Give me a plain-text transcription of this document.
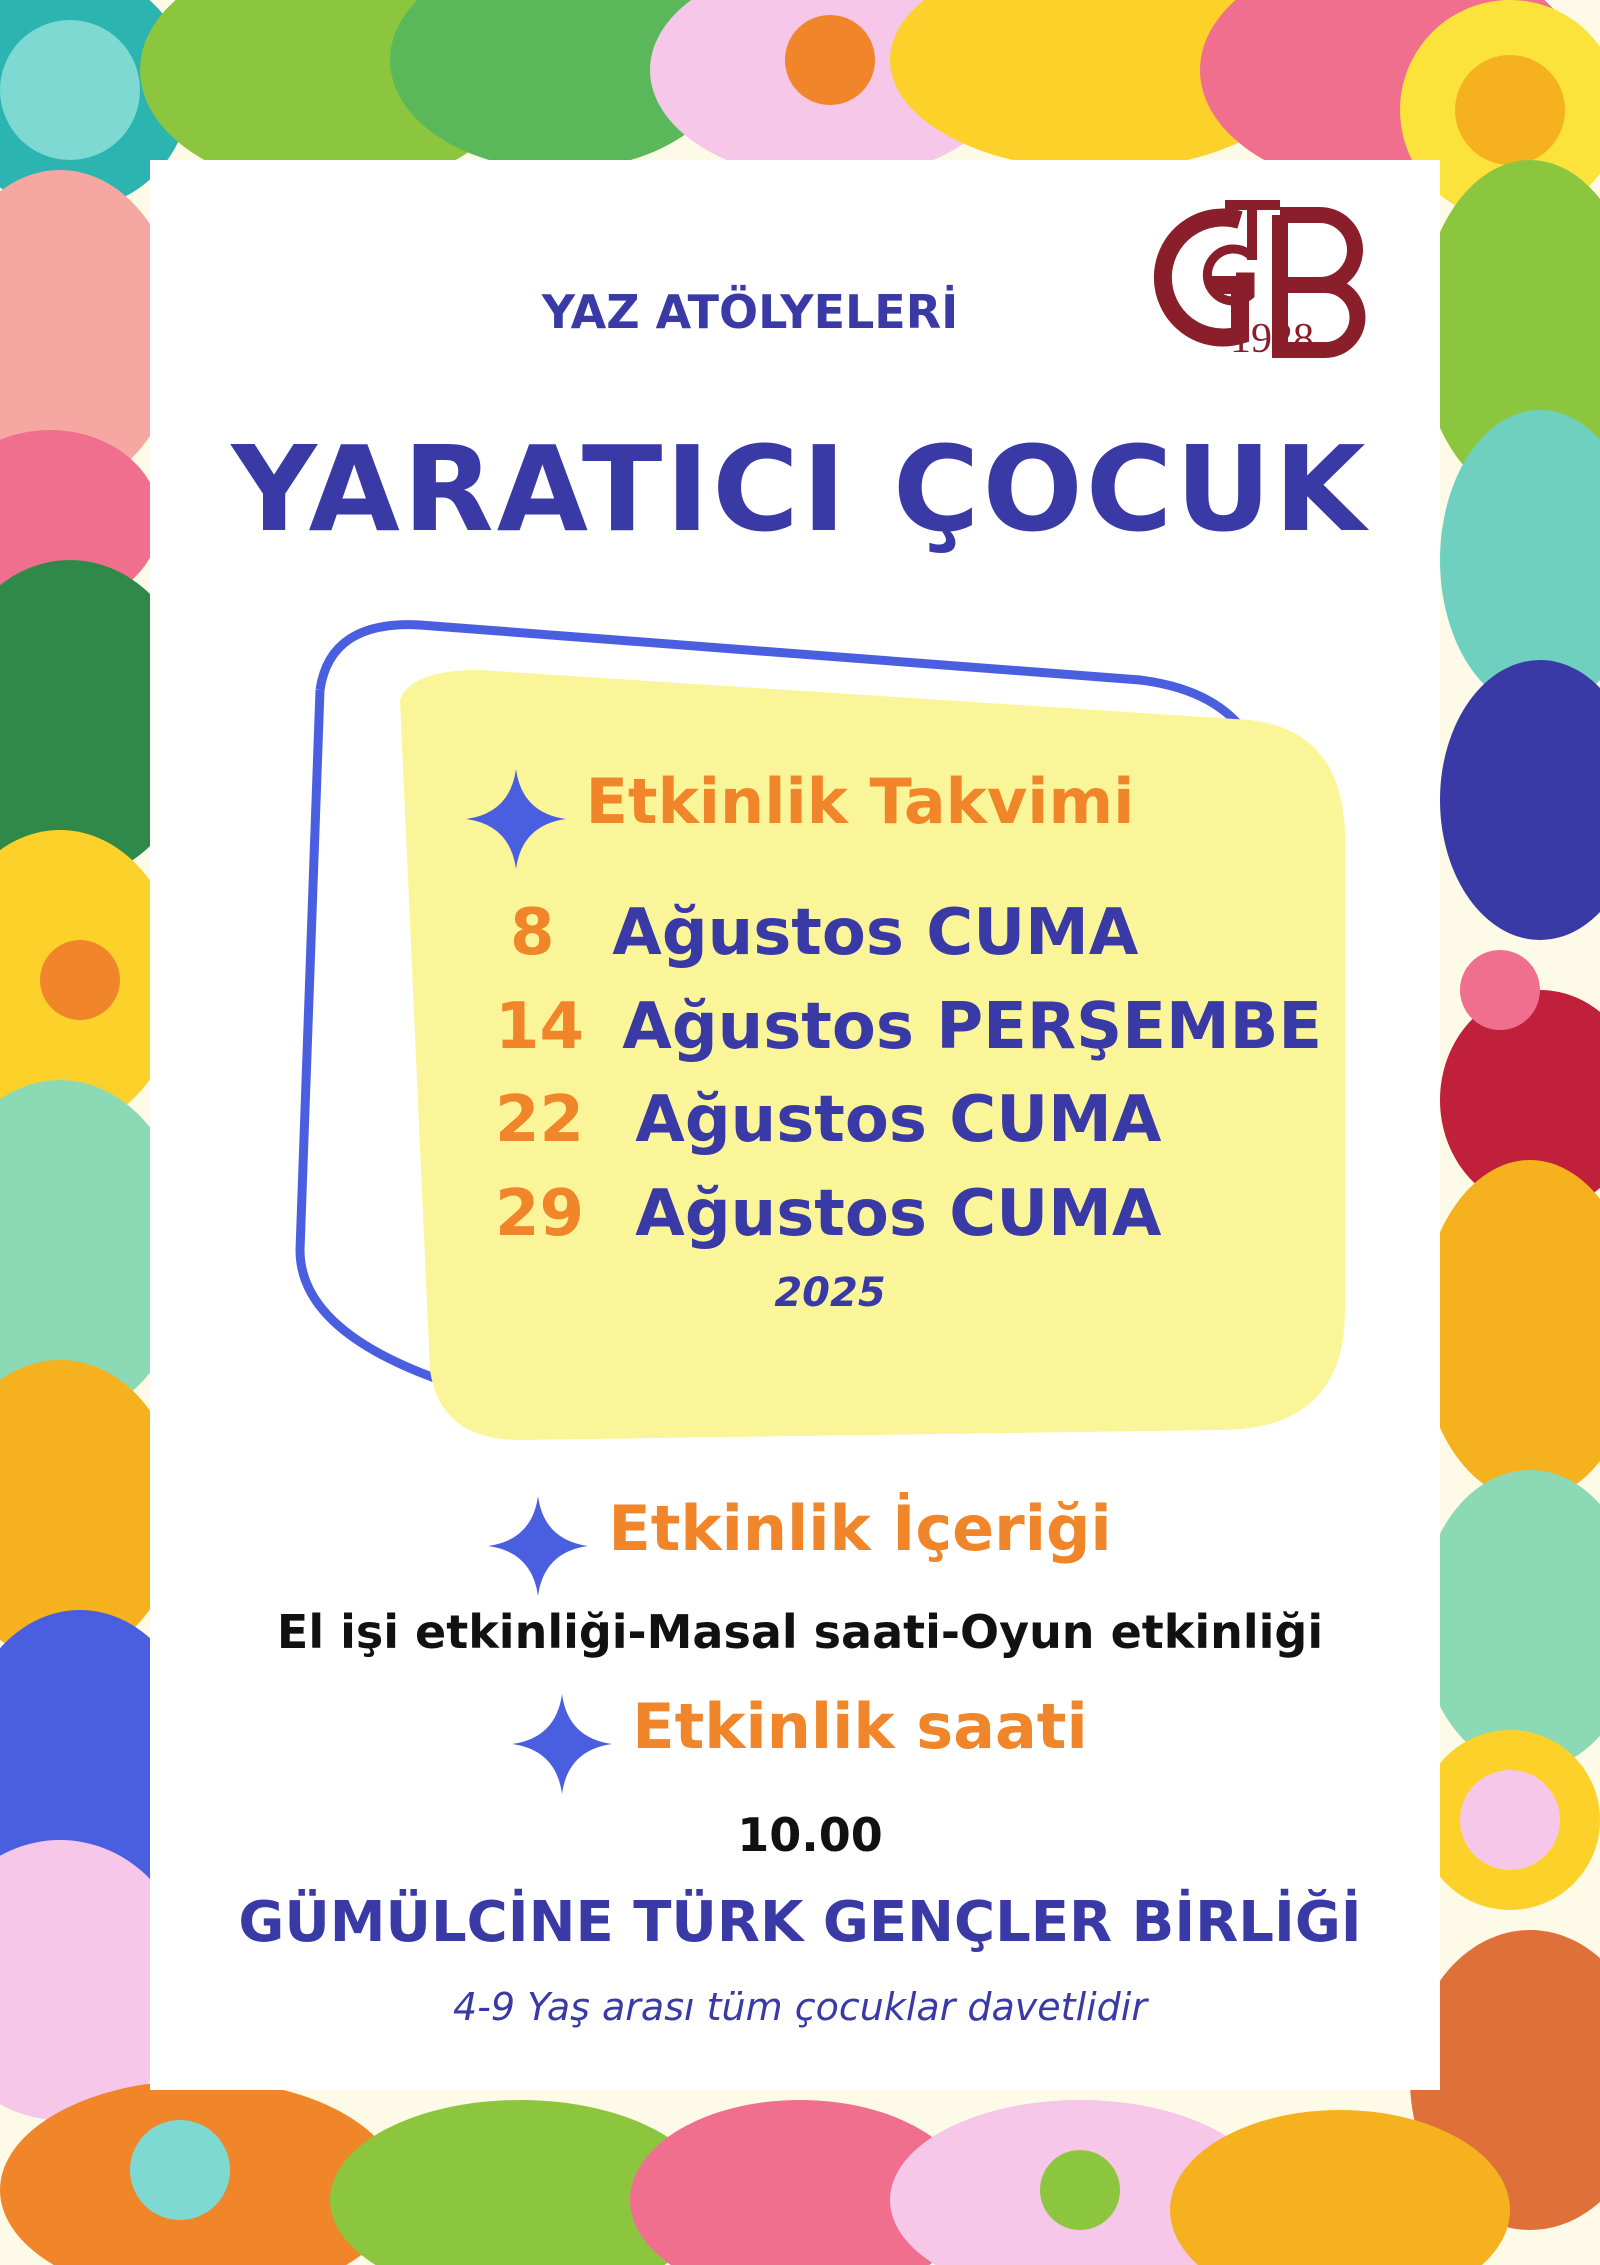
1928
YAZ ATÖLYELERİ
YARATICI ÇOCUK
Etkinlik Takvimi
8 Ağustos CUMA
14 Ağustos PERŞEMBE
22 Ağustos CUMA
29 Ağustos CUMA
2025
Etkinlik İçeriği
El işi etkinliği-Masal saati-Oyun etkinliği
Etkinlik saati
10.00
GÜMÜLCİNE TÜRK GENÇLER BİRLİĞİ
4-9 Yaş arası tüm çocuklar davetlidir
